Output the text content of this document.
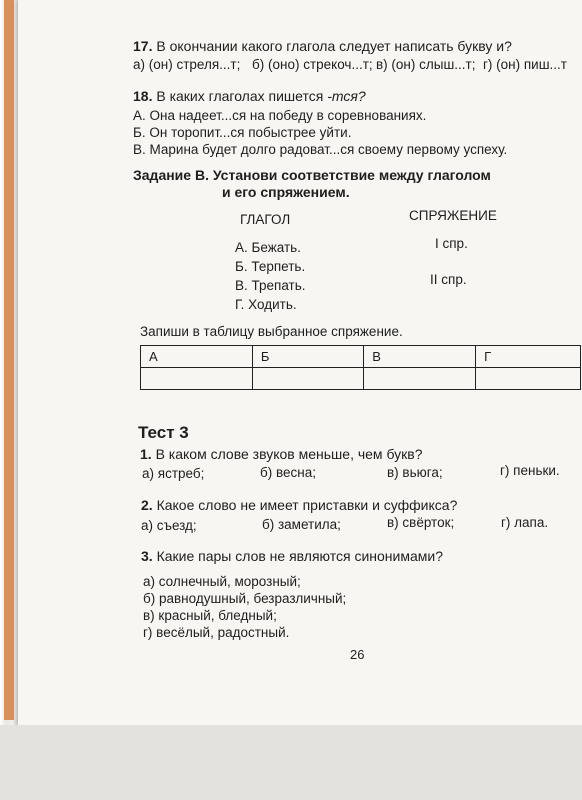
17. В окончании какого глагола следует написать букву и?
а) (он) стреля...т; б) (оно) стрекоч...т; в) (он) слыш...т; г) (он) пиш...т
18. В каких глаголах пишется -тся?
А. Она надеет...ся на победу в соревнованиях.
Б. Он торопит...ся побыстрее уйти.
В. Марина будет долго радоват...ся своему первому успеху.
Задание В. Установи соответствие между глаголом
и его спряжением.
ГЛАГОЛ	СПРЯЖЕНИЕ
А. Бежать.
Б. Терпеть.
В. Трепать.
Г. Ходить.
I спр.
II спр.
Запиши в таблицу выбранное спряжение.
А	Б	В	Г

Тест 3
1. В каком слове звуков меньше, чем букв?
а) ястреб;	б) весна;	в) вьюга;	г) пеньки.
2. Какое слово не имеет приставки и суффикса?
а) съезд;	б) заметила;	в) свёрток;	г) лапа.
3. Какие пары слов не являются синонимами?
а) солнечный, морозный;
б) равнодушный, безразличный;
в) красный, бледный;
г) весёлый, радостный.
26
